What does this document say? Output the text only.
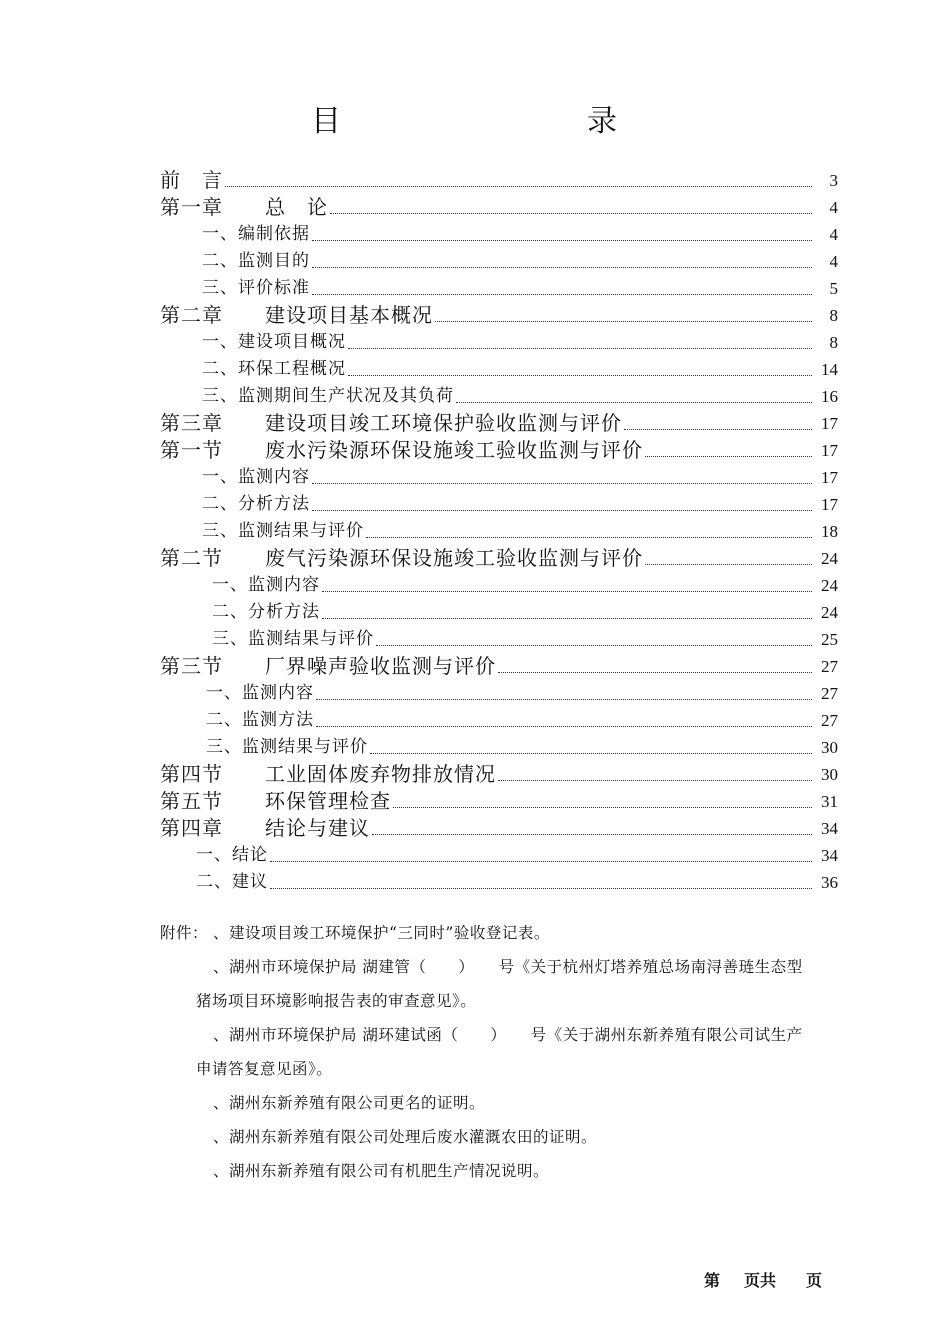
目　　录
前　言	3
第一章　　总　论	4
一、编制依据	4
二、监测目的	4
三、评价标准	5
第二章　　建设项目基本概况	8
一、建设项目概况	8
二、环保工程概况	14
三、监测期间生产状况及其负荷	16
第三章　　建设项目竣工环境保护验收监测与评价	17
第一节　　废水污染源环保设施竣工验收监测与评价	17
一、监测内容	17
二、分析方法	17
三、监测结果与评价	18
第二节　　废气污染源环保设施竣工验收监测与评价	24
一、监测内容	24
二、分析方法	24
三、监测结果与评价	25
第三节　　厂界噪声验收监测与评价	27
一、监测内容	27
二、监测方法	27
三、监测结果与评价	30
第四节　　工业固体废弃物排放情况	30
第五节　　环保管理检查	31
第四章　　结论与建议	34
一、结论	34
二、建议	36
附件： 、建设项目竣工环境保护“三同时”验收登记表。
、湖州市环境保护局 湖建管（　　）　　号《关于杭州灯塔养殖总场南浔善琏生态型
猪场项目环境影响报告表的审查意见》。
、湖州市环境保护局 湖环建试函（　　）　　号《关于湖州东新养殖有限公司试生产
申请答复意见函》。
、湖州东新养殖有限公司更名的证明。
、湖州东新养殖有限公司处理后废水灌溉农田的证明。
、湖州东新养殖有限公司有机肥生产情况说明。
第 页共 页
